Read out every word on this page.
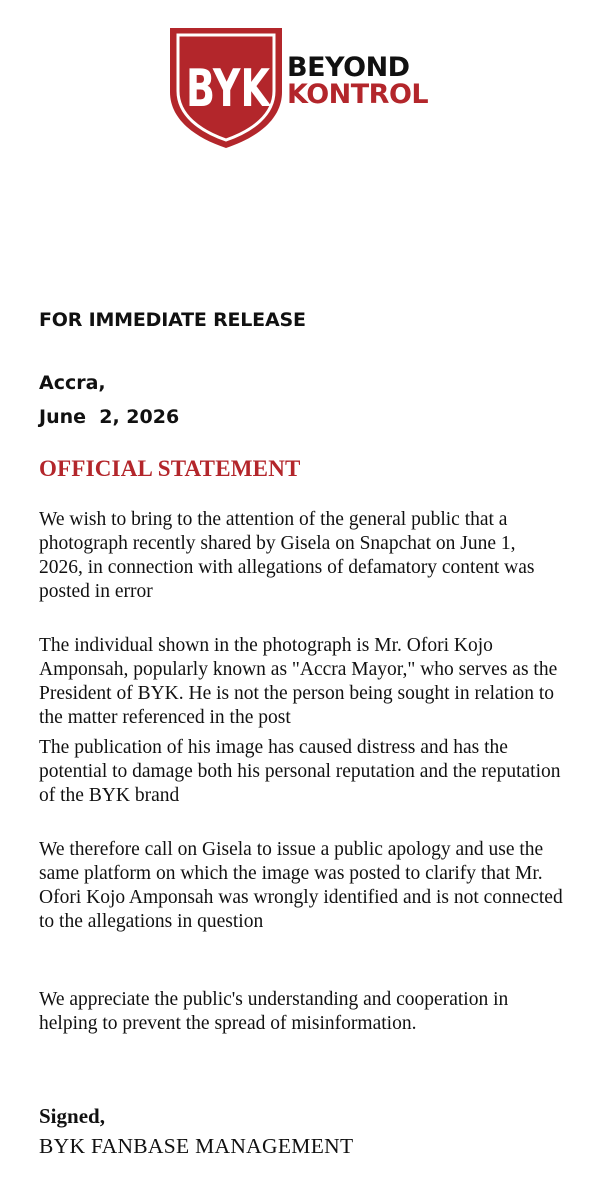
BYK BEYOND
KONTROL
FOR IMMEDIATE RELEASE
Accra,
June  2, 2026
OFFICIAL STATEMENT
We wish to bring to the attention of the general public that a photograph recently shared by Gisela on Snapchat on June 1, 2026, in connection with allegations of defamatory content was posted in error
The individual shown in the photograph is Mr. Ofori Kojo Amponsah, popularly known as "Accra Mayor," who serves as the President of BYK. He is not the person being sought in relation to the matter referenced in the post
The publication of his image has caused distress and has the potential to damage both his personal reputation and the reputation of the BYK brand
We therefore call on Gisela to issue a public apology and use the same platform on which the image was posted to clarify that Mr. Ofori Kojo Amponsah was wrongly identified and is not connected to the allegations in question
We appreciate the public's understanding and cooperation in helping to prevent the spread of misinformation.
Signed,
BYK FANBASE MANAGEMENT
